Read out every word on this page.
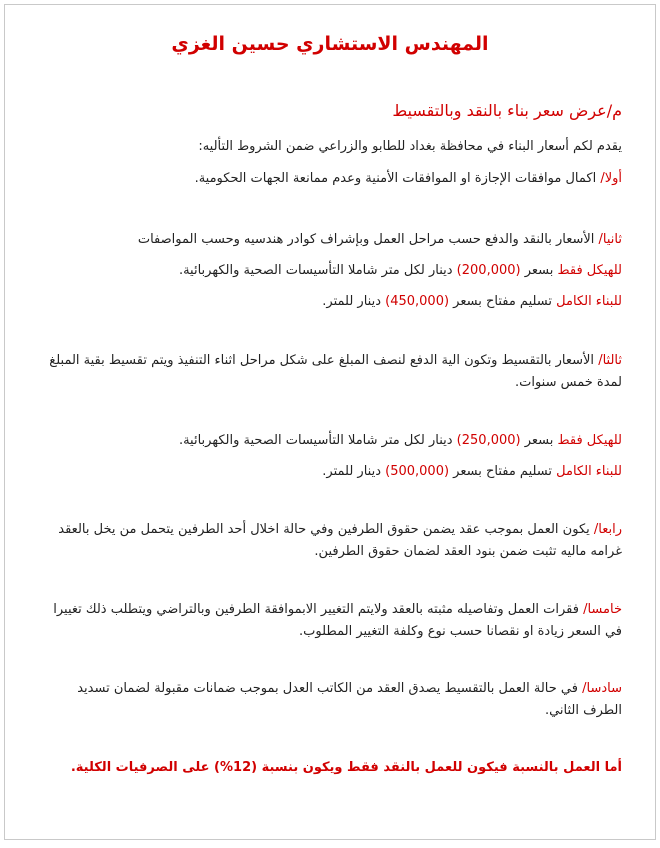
المهندس الاستشاري حسين الغزي
م/عرض سعر بناء بالنقد وبالتقسيط
يقدم لكم أسعار البناء في محافظة بغداد للطابو والزراعي ضمن الشروط التأليه:
أولا/ اكمال موافقات الإجازة او الموافقات الأمنية وعدم ممانعة الجهات الحكومية.
ثانيا/ الأسعار بالنقد والدفع حسب مراحل العمل وبإشراف كوادر هندسيه وحسب المواصفات
للهيكل فقط بسعر (200,000) دينار لكل متر شاملا التأسيسات الصحية والكهربائية.
للبناء الكامل تسليم مفتاح بسعر (450,000) دينار للمتر.
ثالثا/ الأسعار بالتقسيط وتكون الية الدفع لنصف المبلغ على شكل مراحل اثناء التنفيذ ويتم تقسيط بقية المبلغ لمدة خمس سنوات.
للهيكل فقط بسعر (250,000) دينار لكل متر شاملا التأسيسات الصحية والكهربائية.
للبناء الكامل تسليم مفتاح بسعر (500,000) دينار للمتر.
رابعا/ يكون العمل بموجب عقد يضمن حقوق الطرفين وفي حالة اخلال أحد الطرفين يتحمل من يخل بالعقد غرامه ماليه تثبت ضمن بنود العقد لضمان حقوق الطرفين.
خامسا/ فقرات العمل وتفاصيله مثبته بالعقد ولايتم التغيير الابموافقة الطرفين وبالتراضي ويتطلب ذلك تغييرا في السعر زيادة او نقصانا حسب نوع وكلفة التغيير المطلوب.
سادسا/ في حالة العمل بالتقسيط يصدق العقد من الكاتب العدل بموجب ضمانات مقبولة لضمان تسديد الطرف الثاني.
أما العمل بالنسبة فيكون للعمل بالنقد فقط ويكون بنسبة (12%) على الصرفيات الكلية.
